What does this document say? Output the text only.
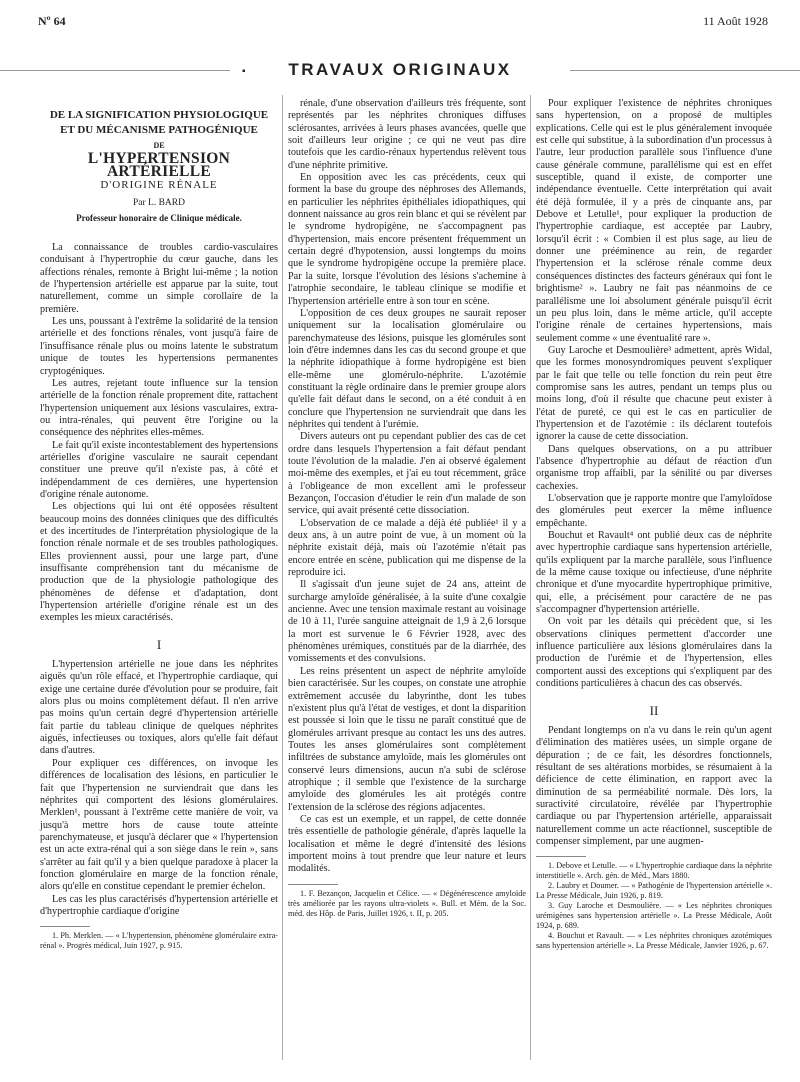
Nº 64	11 Août 1928
TRAVAUX ORIGINAUX
▪
DE LA SIGNIFICATION PHYSIOLOGIQUE
ET DU MÉCANISME PATHOGÉNIQUE
DE
L'HYPERTENSION ARTÉRIELLE
D'ORIGINE RÉNALE
Par L. BARD
Professeur honoraire de Clinique médicale.

La connaissance de troubles cardio-vasculaires conduisant à l'hypertrophie du cœur gauche, dans les affections rénales, remonte à Bright lui-même ; la notion de l'hypertension artérielle est apparue par la suite, tout naturellement, comme un simple corollaire de la première.

Les uns, poussant à l'extrême la solidarité de la tension artérielle et des fonctions rénales, vont jusqu'à faire de l'insuffisance rénale plus ou moins latente le substratum unique de toutes les hypertensions permanentes cryptogéniques.

Les autres, rejetant toute influence sur la tension artérielle de la fonction rénale proprement dite, rattachent l'hypertension uniquement aux lésions vasculaires, extra- ou intra-rénales, qui peuvent être l'origine ou la conséquence des néphrites elles-mêmes.

Le fait qu'il existe incontestablement des hypertensions artérielles d'origine vasculaire ne saurait cependant constituer une preuve qu'il n'existe pas, à côté et indépendamment de ces dernières, une hypertension d'origine rénale autonome.

Les objections qui lui ont été opposées résultent beaucoup moins des données cliniques que des difficultés et des incertitudes de l'interprétation physiologique de la fonction rénale normale et de ses troubles pathologiques. Elles proviennent aussi, pour une large part, d'une insuffisante compréhension tant du mécanisme de production que de la physiologie pathologique des phénomènes de défense et d'adaptation, dont l'hypertension artérielle d'origine rénale est un des exemples les mieux caractérisés.

I

L'hypertension artérielle ne joue dans les néphrites aiguës qu'un rôle effacé, et l'hypertrophie cardiaque, qui exige une certaine durée d'évolution pour se produire, fait alors plus ou moins complètement défaut. Il n'en arrive pas moins qu'un certain degré d'hypertension artérielle fait partie du tableau clinique de quelques néphrites aiguës, infectieuses ou toxiques, alors qu'elle fait défaut dans d'autres.

Pour expliquer ces différences, on invoque les différences de localisation des lésions, en particulier le fait que l'hypertension ne surviendrait que dans les néphrites qui comportent des lésions glomérulaires. Merklen¹, poussant à l'extrême cette manière de voir, va jusqu'à mettre hors de cause toute atteinte parenchymateuse, et jusqu'à déclarer que « l'hypertension est un acte extra-rénal qui a son siège dans le rein », sans s'arrêter au fait qu'il y a bien quelque paradoxe à placer la fonction glomérulaire en marge de la fonction rénale, alors qu'elle en constitue cependant le premier échelon.

Les cas les plus caractérisés d'hypertension artérielle et d'hypertrophie cardiaque d'origine

1. Ph. Merklen. — « L'hypertension, phénomène glomérulaire extra-rénal ». Progrès médical, Juin 1927, p. 915.

rénale, d'une observation d'ailleurs très fréquente, sont représentés par les néphrites chroniques diffuses sclérosantes, arrivées à leurs phases avancées, quelle que soit d'ailleurs leur origine ; ce qui ne veut pas dire toutefois que les cardio-rénaux hypertendus relèvent tous d'une néphrite primitive.

En opposition avec les cas précédents, ceux qui forment la base du groupe des néphroses des Allemands, en particulier les néphrites épithéliales idiopathiques, qui donnent naissance au gros rein blanc et qui se révèlent par le syndrome hydropigène, ne s'accompagnent pas d'hypertension, mais encore présentent fréquemment un certain degré d'hypotension, aussi longtemps du moins que le syndrome hydropigène occupe la première place. Par la suite, lorsque l'évolution des lésions s'achemine à l'atrophie secondaire, le tableau clinique se modifie et l'hypertension artérielle entre à son tour en scène.

L'opposition de ces deux groupes ne saurait reposer uniquement sur la localisation glomérulaire ou parenchymateuse des lésions, puisque les glomérules sont loin d'être indemnes dans les cas du second groupe et que la néphrite idiopathique à forme hydropigène est bien elle-même une glomérulo-néphrite. L'azotémie constituant la règle ordinaire dans le premier groupe alors qu'elle fait défaut dans le second, on a été conduit à en conclure que l'hypertension ne surviendrait que dans les néphrites qui tendent à l'urémie.

Divers auteurs ont pu cependant publier des cas de cet ordre dans lesquels l'hypertension a fait défaut pendant toute l'évolution de la maladie. J'en ai observé également moi-même des exemples, et j'ai eu tout récemment, grâce à l'obligeance de mon excellent ami le professeur Bezançon, l'occasion d'étudier le rein d'un malade de son service, qui avait présenté cette dissociation.

L'observation de ce malade a déjà été publiée¹ il y a deux ans, à un autre point de vue, à un moment où la néphrite existait déjà, mais où l'azotémie n'était pas encore entrée en scène, publication qui me dispense de la reproduire ici.

Il s'agissait d'un jeune sujet de 24 ans, atteint de surcharge amyloïde généralisée, à la suite d'une coxalgie ancienne. Avec une tension maximale restant au voisinage de 10 à 11, l'urée sanguine atteignait de 1,9 à 2,6 lorsque la mort est survenue le 6 Février 1928, avec des phénomènes urémiques, constitués par de la diarrhée, des vomissements et des convulsions.

Les reins présentent un aspect de néphrite amyloïde bien caractérisée. Sur les coupes, on constate une atrophie extrêmement accusée du labyrinthe, dont les tubes n'existent plus qu'à l'état de vestiges, et dont la disparition est poussée si loin que le tissu ne paraît constitué que de glomérules arrivant presque au contact les uns des autres. Toutes les anses glomérulaires sont complètement infiltrées de substance amyloïde, mais les glomérules ont conservé leurs dimensions, aucun n'a subi de sclérose atrophique ; il semble que l'existence de la surcharge amyloïde des glomérules les ait protégés contre l'extension de la sclérose des régions adjacentes.

Ce cas est un exemple, et un rappel, de cette donnée très essentielle de pathologie générale, d'après laquelle la localisation et même le degré d'intensité des lésions importent moins à tout prendre que leur nature et leurs modalités.

1. F. Bezançon, Jacquelin et Célice. — « Dégénérescence amyloïde très améliorée par les rayons ultra-violets ». Bull. et Mém. de la Soc. méd. des Hôp. de Paris, Juillet 1926, t. II, p. 205.

Pour expliquer l'existence de néphrites chroniques sans hypertension, on a proposé de multiples explications. Celle qui est le plus généralement invoquée est celle qui substitue, à la subordination d'un processus à l'autre, leur production parallèle sous l'influence d'une cause générale commune, parallélisme qui est en effet susceptible, quand il existe, de comporter une indépendance éventuelle. Cette interprétation qui avait été déjà formulée, il y a près de cinquante ans, par Debove et Letulle¹, pour expliquer la production de l'hypertrophie cardiaque, est acceptée par Laubry, lorsqu'il écrit : « Combien il est plus sage, au lieu de donner une prééminence au rein, de regarder l'hypertension et la sclérose rénale comme deux conséquences distinctes des facteurs généraux qui font le brightisme² ». Laubry ne fait pas néanmoins de ce parallélisme une loi absolument générale puisqu'il écrit un peu plus loin, dans le même article, qu'il accepte l'origine rénale de certaines hypertensions, mais seulement comme « une éventualité rare ».

Guy Laroche et Desmoulière³ admettent, après Widal, que les formes monosyndromiques peuvent s'expliquer par le fait que telle ou telle fonction du rein peut être compromise sans les autres, pendant un temps plus ou moins long, d'où il résulte que chacune peut exister à l'état de pureté, ce qui est le cas en particulier de l'hypertension et de l'azotémie : ils déclarent toutefois ignorer la cause de cette dissociation.

Dans quelques observations, on a pu attribuer l'absence d'hypertrophie au défaut de réaction d'un organisme trop affaibli, par la sénilité ou par diverses cachexies.

L'observation que je rapporte montre que l'amyloïdose des glomérules peut exercer la même influence empêchante.

Bouchut et Ravault⁴ ont publié deux cas de néphrite avec hypertrophie cardiaque sans hypertension artérielle, qu'ils expliquent par la marche parallèle, sous l'influence de la même cause toxique ou infectieuse, d'une néphrite chronique et d'une myocardite hypertrophique primitive, qui, elle, a précisément pour caractère de ne pas s'accompagner d'hypertension artérielle.

On voit par les détails qui précèdent que, si les observations cliniques permettent d'accorder une influence particulière aux lésions glomérulaires dans la production de l'urémie et de l'hypertension, elles comportent aussi des exceptions qui s'expliquent par des conditions particulières à chacun des cas observés.

II

Pendant longtemps on n'a vu dans le rein qu'un agent d'élimination des matières usées, un simple organe de dépuration ; de ce fait, les désordres fonctionnels, résultant de ses altérations morbides, se résumaient à la déficience de cette élimination, en rapport avec la diminution de sa perméabilité normale. Dès lors, la suractivité circulatoire, révélée par l'hypertrophie cardiaque ou par l'hypertension artérielle, apparaissait naturellement comme un acte réactionnel, susceptible de compenser simplement, par une augmen-

1. Debove et Letulle. — « L'hypertrophie cardiaque dans la néphrite interstitielle ». Arch. gén. de Méd., Mars 1880.

2. Laubry et Doumer. — « Pathogénie de l'hypertension artérielle ». La Presse Médicale, Juin 1926, p. 819.

3. Guy Laroche et Desmoulière. — « Les néphrites chroniques urémigènes sans hypertension artérielle ». La Presse Médicale, Août 1924, p. 689.

4. Bouchut et Ravault. — « Les néphrites chroniques azotémiques sans hypertension artérielle ». La Presse Médicale, Janvier 1926, p. 67.
